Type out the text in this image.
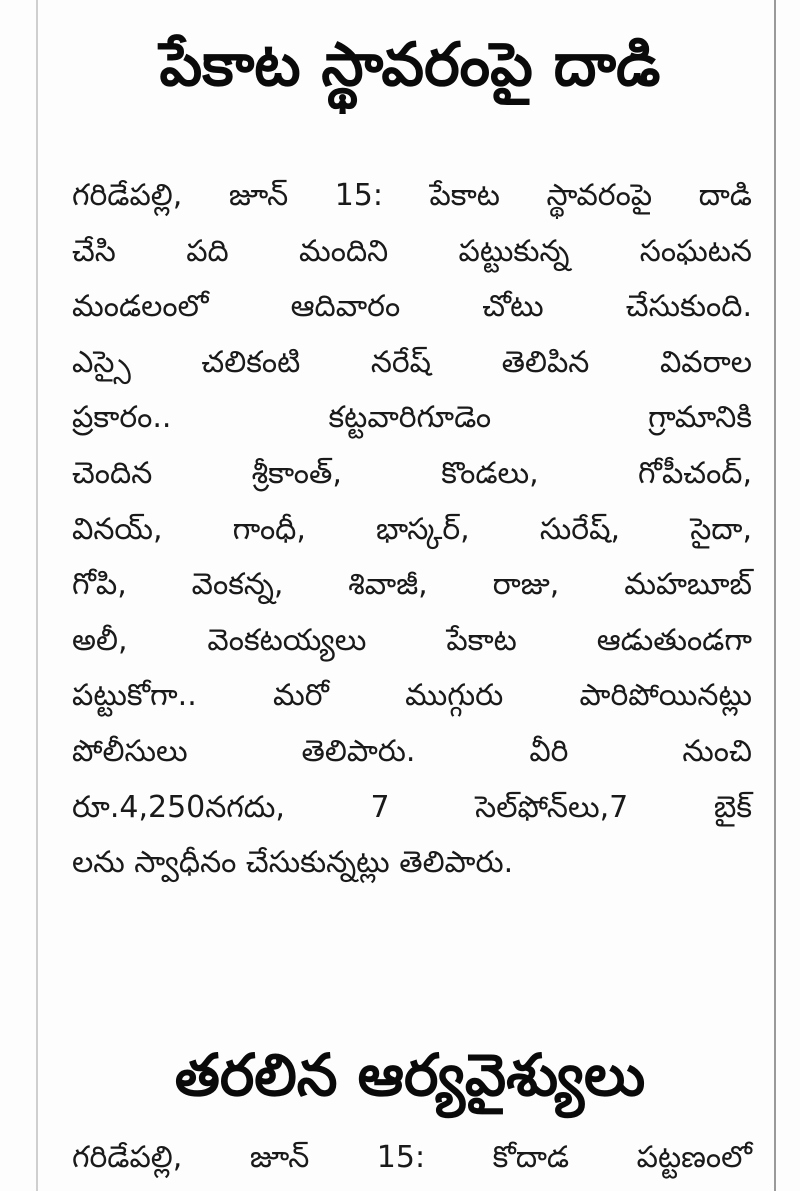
పేకాట స్థావరంపై దాడి
గరిడేపల్లి, జూన్ 15: పేకాట స్థావరంపై దాడి
చేసి పది మందిని పట్టుకున్న సంఘటన
మండలంలో ఆదివారం చోటు చేసుకుంది.
ఎస్సై చలికంటి నరేష్ తెలిపిన వివరాల
ప్రకారం.. కట్టవారిగూడెం గ్రామానికి
చెందిన శ్రీకాంత్, కొండలు, గోపీచంద్,
వినయ్, గాంధీ, భాస్కర్, సురేష్, సైదా,
గోపి, వెంకన్న, శివాజీ, రాజు, మహబూబ్
అలీ, వెంకటయ్యలు పేకాట ఆడుతుండగా
పట్టుకోగా.. మరో ముగ్గురు పారిపోయినట్లు
పోలీసులు తెలిపారు. వీరి నుంచి
రూ.4,250నగదు, 7 సెల్‌ఫోన్‌లు,7 బైక్
లను స్వాధీనం చేసుకున్నట్లు తెలిపారు.
తరలిన ఆర్యవైశ్యులు
గరిడేపల్లి, జూన్ 15: కోదాడ పట్టణంలో
